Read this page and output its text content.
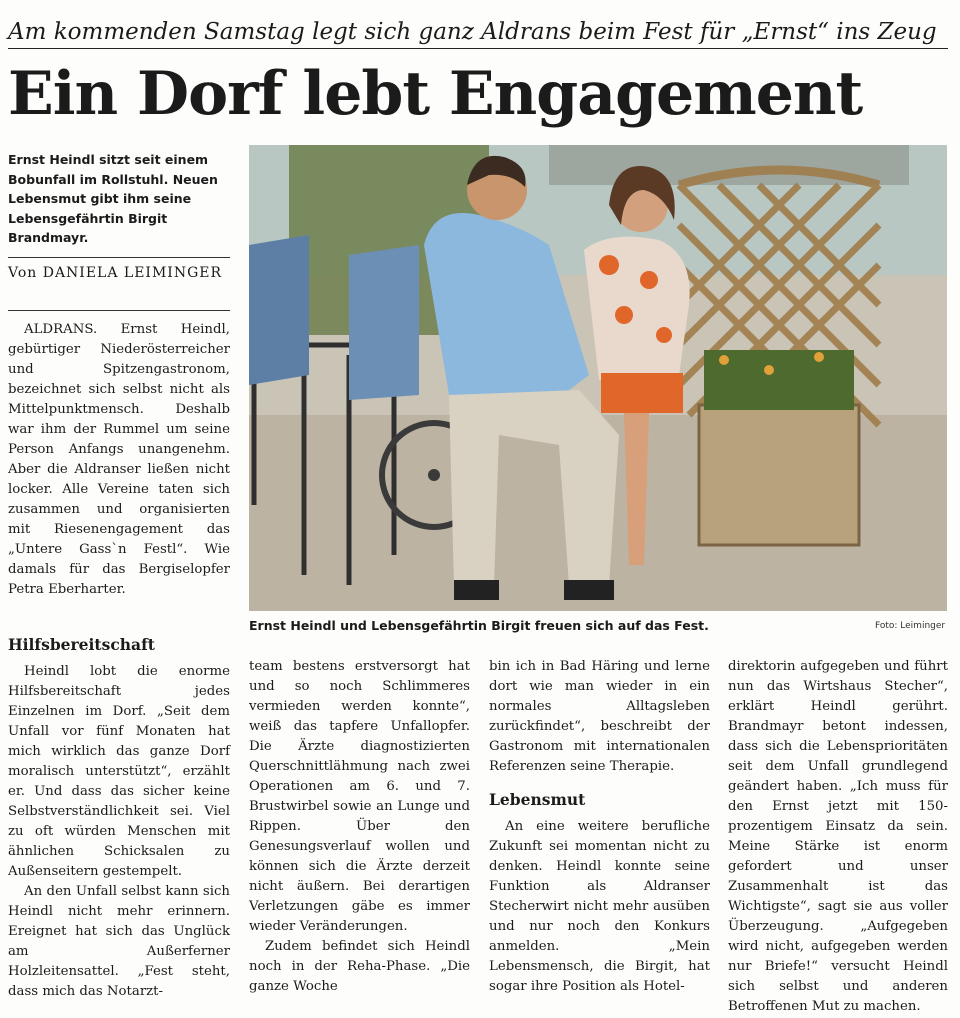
Am kommenden Samstag legt sich ganz Aldrans beim Fest für „Ernst“ ins Zeug
Ein Dorf lebt Engagement
Ernst Heindl sitzt seit einem Bobunfall im Rollstuhl. Neuen Lebensmut gibt ihm seine Lebensgefährtin Birgit Brandmayr.
Von DANIELA LEIMINGER

ALDRANS. Ernst Heindl, gebürtiger Niederösterreicher und Spitzengastronom, bezeichnet sich selbst nicht als Mittelpunktmensch. Deshalb war ihm der Rummel um seine Person Anfangs unangenehm. Aber die Aldranser ließen nicht locker. Alle Vereine taten sich zusammen und organisierten mit Riesenengagement das „Untere Gass`n Festl“. Wie damals für das Bergiselopfer Petra Eberharter.

Ernst Heindl und Lebensgefährtin Birgit freuen sich auf das Fest.	Foto: Leiminger
Hilfsbereitschaft

Heindl lobt die enorme Hilfsbereitschaft jedes Einzelnen im Dorf. „Seit dem Unfall vor fünf Monaten hat mich wirklich das ganze Dorf moralisch unterstützt“, erzählt er. Und dass das sicher keine Selbstverständlichkeit sei. Viel zu oft würden Menschen mit ähnlichen Schicksalen zu Außenseitern gestempelt.

An den Unfall selbst kann sich Heindl nicht mehr erinnern. Ereignet hat sich das Unglück am Außerferner Holzleitensattel. „Fest steht, dass mich das Notarzt-

team bestens erstversorgt hat und so noch Schlimmeres vermieden werden konnte“, weiß das tapfere Unfallopfer. Die Ärzte diagnostizierten Querschnittlähmung nach zwei Operationen am 6. und 7. Brustwirbel sowie an Lunge und Rippen. Über den Genesungsverlauf wollen und können sich die Ärzte derzeit nicht äußern. Bei derartigen Verletzungen gäbe es immer wieder Veränderungen.

Zudem befindet sich Heindl noch in der Reha-Phase. „Die ganze Woche

bin ich in Bad Häring und lerne dort wie man wieder in ein normales Alltagsleben zurückfindet“, beschreibt der Gastronom mit internationalen Referenzen seine Therapie.

Lebensmut

An eine weitere berufliche Zukunft sei momentan nicht zu denken. Heindl konnte seine Funktion als Aldranser Stecherwirt nicht mehr ausüben und nur noch den Konkurs anmelden. „Mein Lebensmensch, die Birgit, hat sogar ihre Position als Hotel-

direktorin aufgegeben und führt nun das Wirtshaus Stecher“, erklärt Heindl gerührt. Brandmayr betont indessen, dass sich die Lebensprioritäten seit dem Unfall grundlegend geändert haben. „Ich muss für den Ernst jetzt mit 150-prozentigem Einsatz da sein. Meine Stärke ist enorm gefordert und unser Zusammenhalt ist das Wichtigste“, sagt sie aus voller Überzeugung. „Aufgegeben wird nicht, aufgegeben werden nur Briefe!“ versucht Heindl sich selbst und anderen Betroffenen Mut zu machen.
